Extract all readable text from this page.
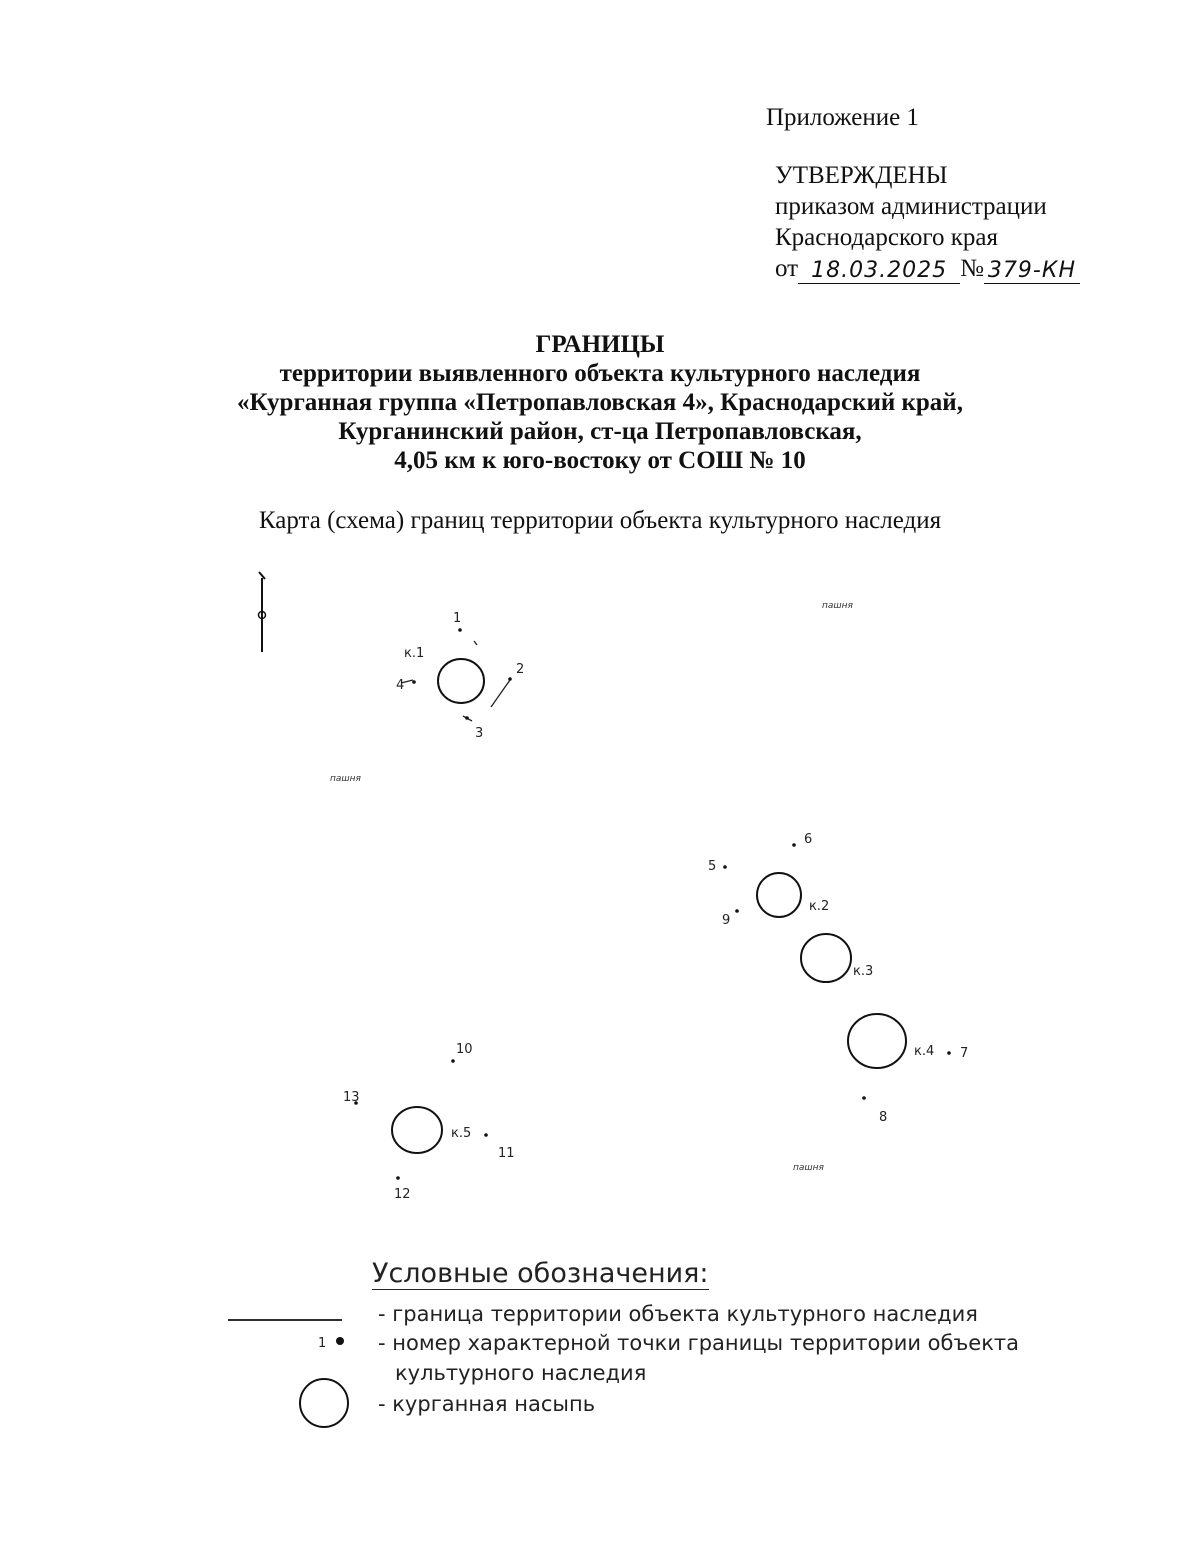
Приложение 1
УТВЕРЖДЕНЫ
приказом администрации
Краснодарского края
от 18.03.2025 № 379-КН
ГРАНИЦЫ
территории выявленного объекта культурного наследия
«Курганная группа «Петропавловская 4», Краснодарский край,
Курганинский район, ст-ца Петропавловская,
4,05 км к юго-востоку от СОШ № 10
Карта (схема) границ территории объекта культурного наследия
1
2
3
4
5
6
7
8
9
10
11
12
13
к.1
к.2
к.3
к.4
к.5
пашня
пашня
пашня
1
Условные обозначения:
- граница территории объекта культурного наследия
- номер характерной точки границы территории объекта
культурного наследия
- курганная насыпь
